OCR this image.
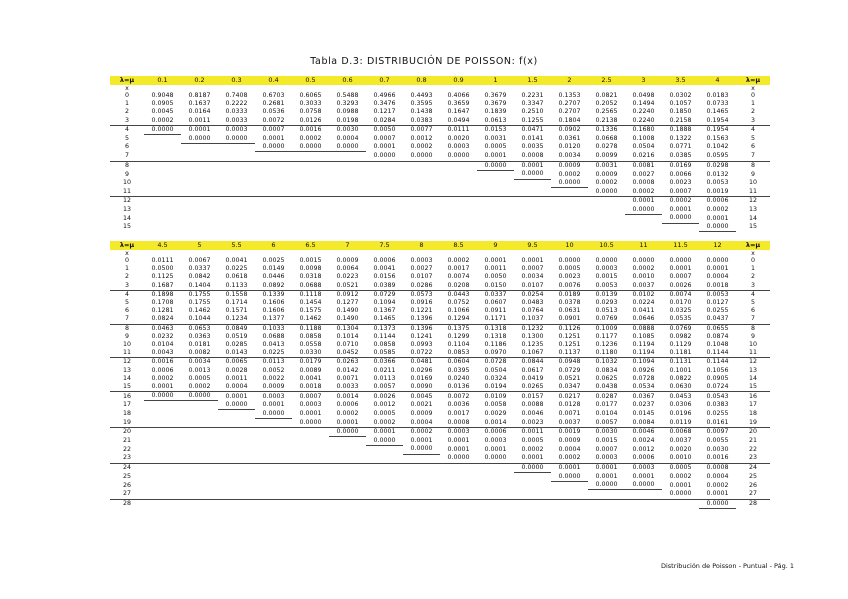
Tabla D.3: DISTRIBUCIÓN DE POISSON: f(x)
λ=μ	0.1	0.2	0.3	0.4	0.5	0.6	0.7	0.8	0.9	1	1.5	2	2.5	3	3.5	4	λ=μ
x																	x
0	0.9048	0.8187	0.7408	0.6703	0.6065	0.5488	0.4966	0.4493	0.4066	0.3679	0.2231	0.1353	0.0821	0.0498	0.0302	0.0183	0
1	0.0905	0.1637	0.2222	0.2681	0.3033	0.3293	0.3476	0.3595	0.3659	0.3679	0.3347	0.2707	0.2052	0.1494	0.1057	0.0733	1
2	0.0045	0.0164	0.0333	0.0536	0.0758	0.0988	0.1217	0.1438	0.1647	0.1839	0.2510	0.2707	0.2565	0.2240	0.1850	0.1465	2
3	0.0002	0.0011	0.0033	0.0072	0.0126	0.0198	0.0284	0.0383	0.0494	0.0613	0.1255	0.1804	0.2138	0.2240	0.2158	0.1954	3
4	0.0000	0.0001	0.0003	0.0007	0.0016	0.0030	0.0050	0.0077	0.0111	0.0153	0.0471	0.0902	0.1336	0.1680	0.1888	0.1954	4
5		0.0000	0.0000	0.0001	0.0002	0.0004	0.0007	0.0012	0.0020	0.0031	0.0141	0.0361	0.0668	0.1008	0.1322	0.1563	5
6				0.0000	0.0000	0.0000	0.0001	0.0002	0.0003	0.0005	0.0035	0.0120	0.0278	0.0504	0.0771	0.1042	6
7							0.0000	0.0000	0.0000	0.0001	0.0008	0.0034	0.0099	0.0216	0.0385	0.0595	7
8										0.0000	0.0001	0.0009	0.0031	0.0081	0.0169	0.0298	8
9											0.0000	0.0002	0.0009	0.0027	0.0066	0.0132	9
10												0.0000	0.0002	0.0008	0.0023	0.0053	10
11													0.0000	0.0002	0.0007	0.0019	11
12														0.0001	0.0002	0.0006	12
13														0.0000	0.0001	0.0002	13
14															0.0000	0.0001	14
15																0.0000	15
λ=μ	4.5	5	5.5	6	6.5	7	7.5	8	8.5	9	9.5	10	10.5	11	11.5	12	λ=μ
x																	x
0	0.0111	0.0067	0.0041	0.0025	0.0015	0.0009	0.0006	0.0003	0.0002	0.0001	0.0001	0.0000	0.0000	0.0000	0.0000	0.0000	0
1	0.0500	0.0337	0.0225	0.0149	0.0098	0.0064	0.0041	0.0027	0.0017	0.0011	0.0007	0.0005	0.0003	0.0002	0.0001	0.0001	1
2	0.1125	0.0842	0.0618	0.0446	0.0318	0.0223	0.0156	0.0107	0.0074	0.0050	0.0034	0.0023	0.0015	0.0010	0.0007	0.0004	2
3	0.1687	0.1404	0.1133	0.0892	0.0688	0.0521	0.0389	0.0286	0.0208	0.0150	0.0107	0.0076	0.0053	0.0037	0.0026	0.0018	3
4	0.1898	0.1755	0.1558	0.1339	0.1118	0.0912	0.0729	0.0573	0.0443	0.0337	0.0254	0.0189	0.0139	0.0102	0.0074	0.0053	4
5	0.1708	0.1755	0.1714	0.1606	0.1454	0.1277	0.1094	0.0916	0.0752	0.0607	0.0483	0.0378	0.0293	0.0224	0.0170	0.0127	5
6	0.1281	0.1462	0.1571	0.1606	0.1575	0.1490	0.1367	0.1221	0.1066	0.0911	0.0764	0.0631	0.0513	0.0411	0.0325	0.0255	6
7	0.0824	0.1044	0.1234	0.1377	0.1462	0.1490	0.1465	0.1396	0.1294	0.1171	0.1037	0.0901	0.0769	0.0646	0.0535	0.0437	7
8	0.0463	0.0653	0.0849	0.1033	0.1188	0.1304	0.1373	0.1396	0.1375	0.1318	0.1232	0.1126	0.1009	0.0888	0.0769	0.0655	8
9	0.0232	0.0363	0.0519	0.0688	0.0858	0.1014	0.1144	0.1241	0.1299	0.1318	0.1300	0.1251	0.1177	0.1085	0.0982	0.0874	9
10	0.0104	0.0181	0.0285	0.0413	0.0558	0.0710	0.0858	0.0993	0.1104	0.1186	0.1235	0.1251	0.1236	0.1194	0.1129	0.1048	10
11	0.0043	0.0082	0.0143	0.0225	0.0330	0.0452	0.0585	0.0722	0.0853	0.0970	0.1067	0.1137	0.1180	0.1194	0.1181	0.1144	11
12	0.0016	0.0034	0.0065	0.0113	0.0179	0.0263	0.0366	0.0481	0.0604	0.0728	0.0844	0.0948	0.1032	0.1094	0.1131	0.1144	12
13	0.0006	0.0013	0.0028	0.0052	0.0089	0.0142	0.0211	0.0296	0.0395	0.0504	0.0617	0.0729	0.0834	0.0926	0.1001	0.1056	13
14	0.0002	0.0005	0.0011	0.0022	0.0041	0.0071	0.0113	0.0169	0.0240	0.0324	0.0419	0.0521	0.0625	0.0728	0.0822	0.0905	14
15	0.0001	0.0002	0.0004	0.0009	0.0018	0.0033	0.0057	0.0090	0.0136	0.0194	0.0265	0.0347	0.0438	0.0534	0.0630	0.0724	15
16	0.0000	0.0000	0.0001	0.0003	0.0007	0.0014	0.0026	0.0045	0.0072	0.0109	0.0157	0.0217	0.0287	0.0367	0.0453	0.0543	16
17			0.0000	0.0001	0.0003	0.0006	0.0012	0.0021	0.0036	0.0058	0.0088	0.0128	0.0177	0.0237	0.0306	0.0383	17
18				0.0000	0.0001	0.0002	0.0005	0.0009	0.0017	0.0029	0.0046	0.0071	0.0104	0.0145	0.0196	0.0255	18
19					0.0000	0.0001	0.0002	0.0004	0.0008	0.0014	0.0023	0.0037	0.0057	0.0084	0.0119	0.0161	19
20						0.0000	0.0001	0.0002	0.0003	0.0006	0.0011	0.0019	0.0030	0.0046	0.0068	0.0097	20
21							0.0000	0.0001	0.0001	0.0003	0.0005	0.0009	0.0015	0.0024	0.0037	0.0055	21
22								0.0000	0.0001	0.0001	0.0002	0.0004	0.0007	0.0012	0.0020	0.0030	22
23									0.0000	0.0000	0.0001	0.0002	0.0003	0.0006	0.0010	0.0016	23
24											0.0000	0.0001	0.0001	0.0003	0.0005	0.0008	24
25												0.0000	0.0001	0.0001	0.0002	0.0004	25
26													0.0000	0.0000	0.0001	0.0002	26
27															0.0000	0.0001	27
28																0.0000	28
Distribución de Poisson - Puntual - Pág. 1
